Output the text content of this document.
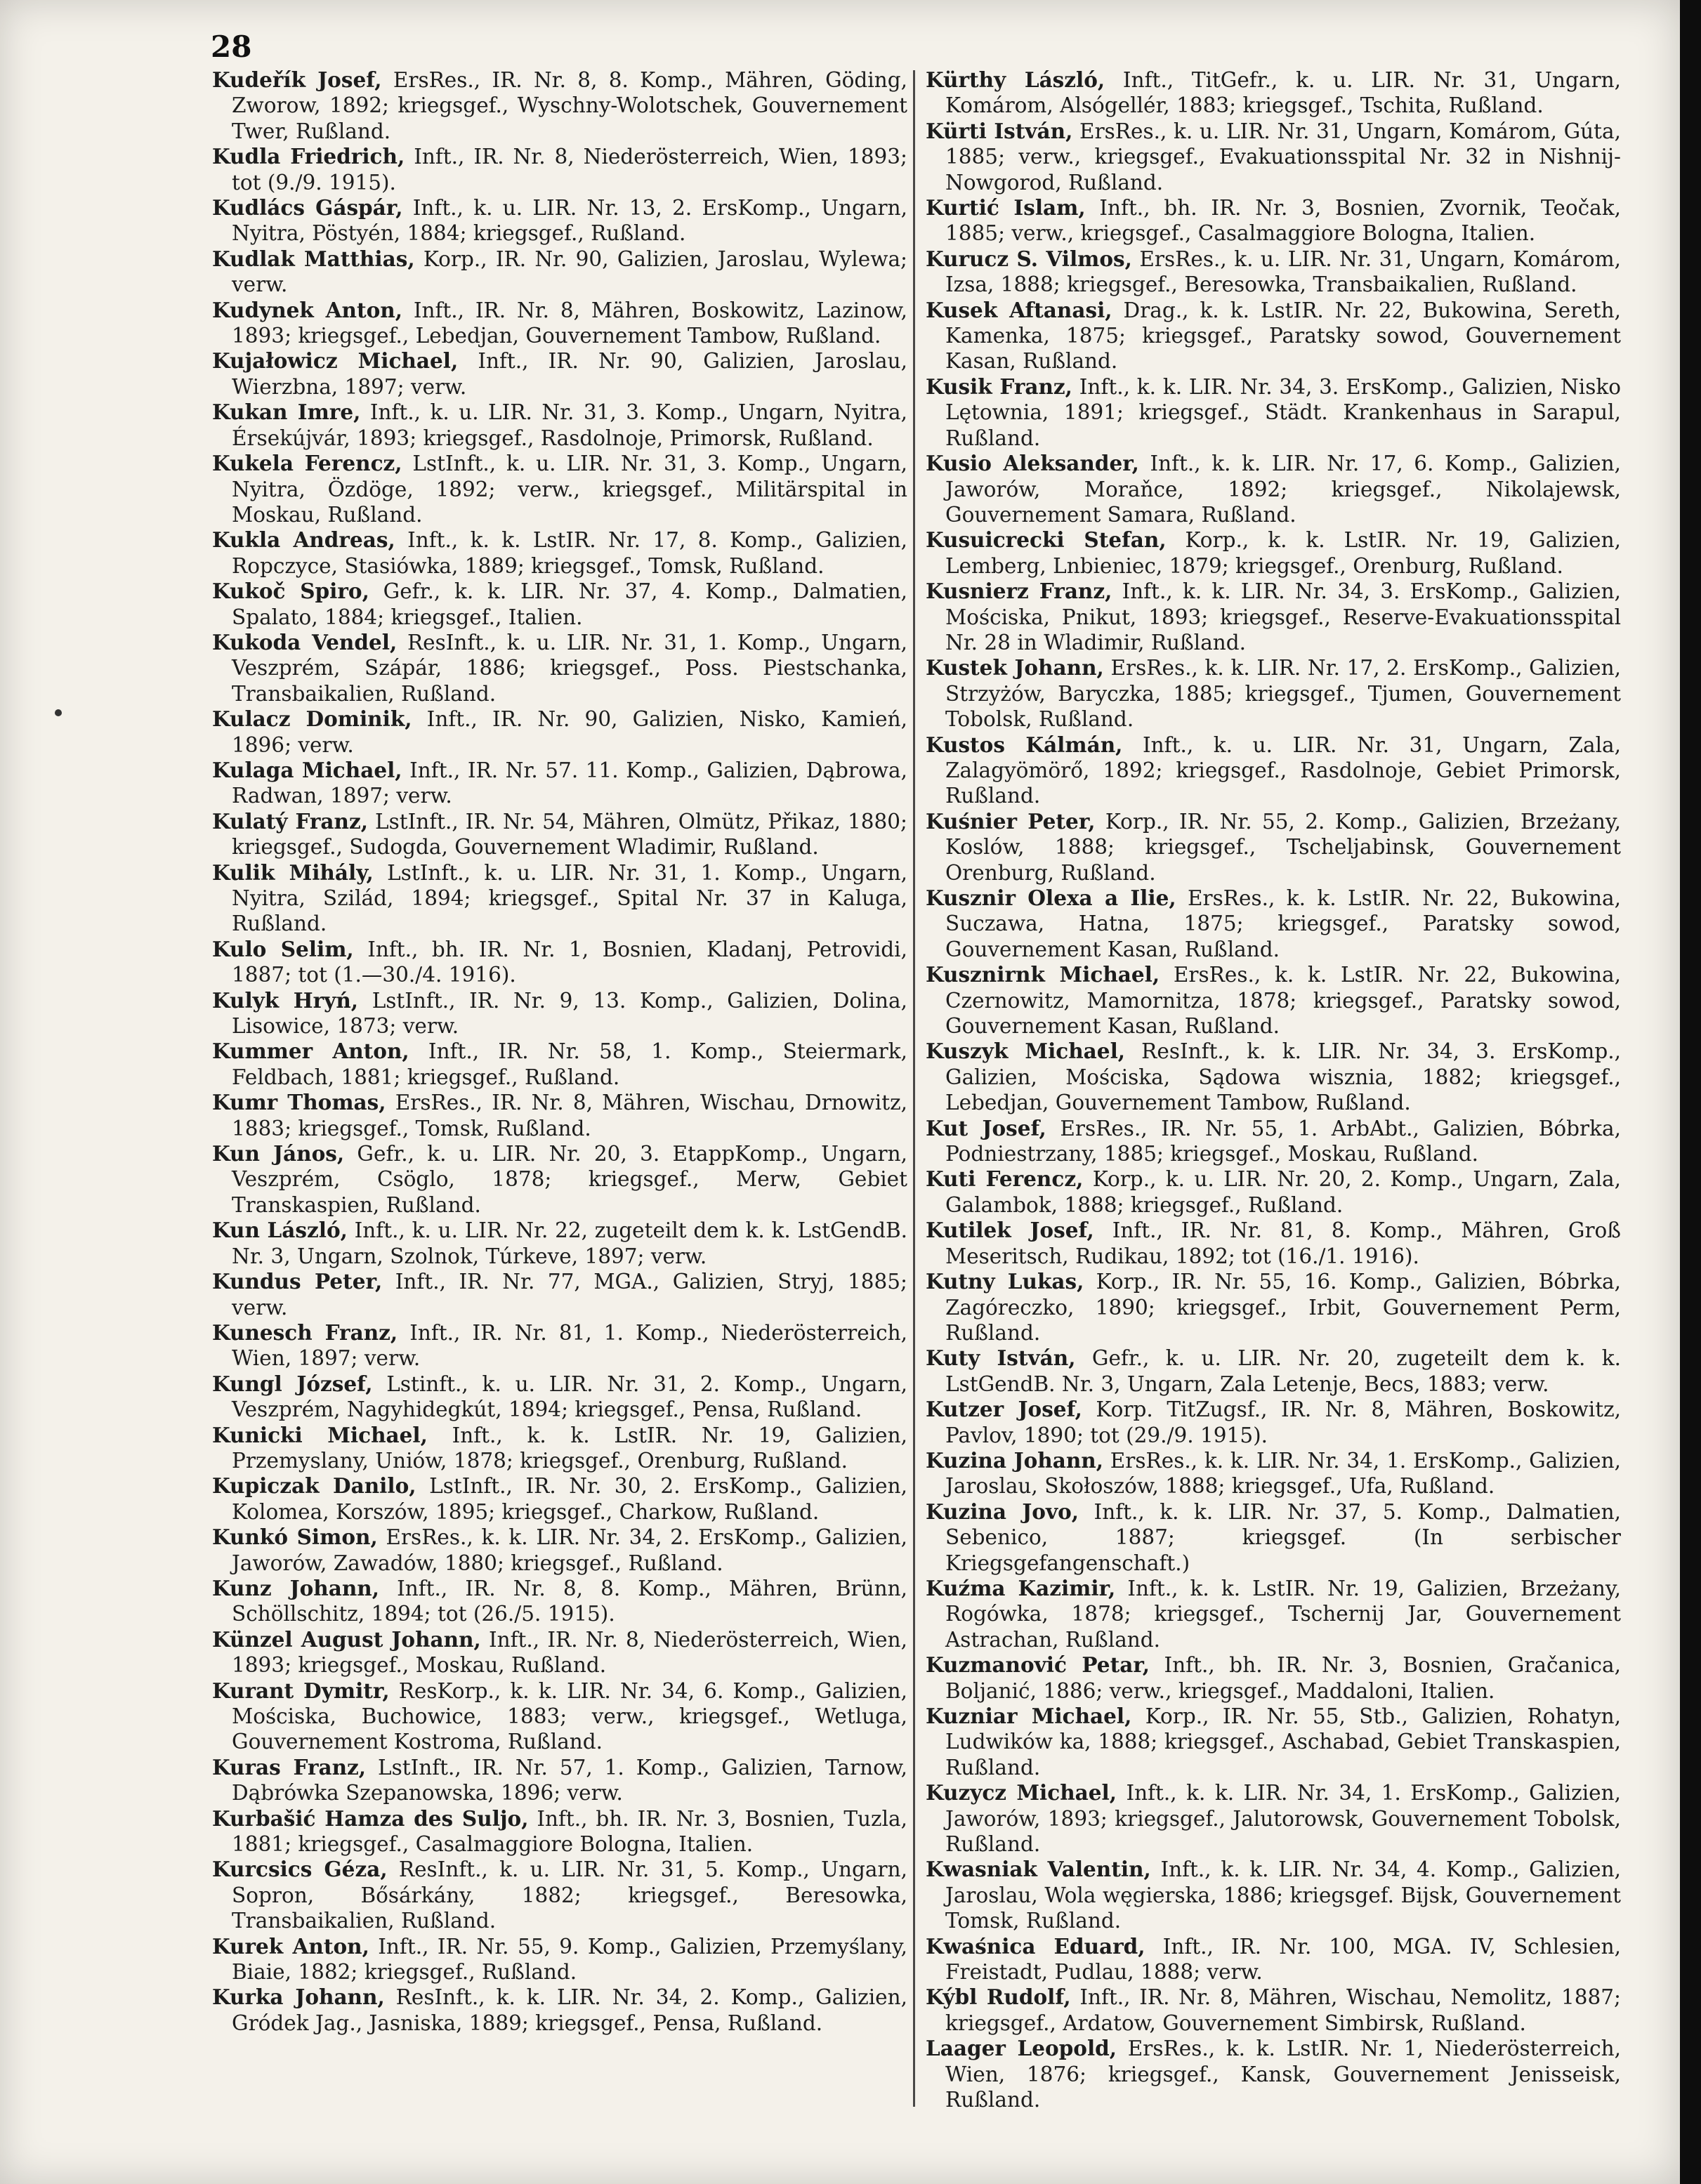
28
Kudeřík Josef, ErsRes., IR. Nr. 8, 8. Komp., Mähren, Göding, Zworow, 1892; kriegsgef., Wyschny-Wolotschek, Gouvernement Twer, Rußland.
Kudla Friedrich, Inft., IR. Nr. 8, Niederösterreich, Wien, 1893; tot (9./9. 1915).
Kudlács Gáspár, Inft., k. u. LIR. Nr. 13, 2. ErsKomp., Ungarn, Nyitra, Pöstyén, 1884; kriegsgef., Rußland.
Kudlak Matthias, Korp., IR. Nr. 90, Galizien, Jaroslau, Wylewa; verw.
Kudynek Anton, Inft., IR. Nr. 8, Mähren, Boskowitz, Lazinow, 1893; kriegsgef., Lebedjan, Gouvernement Tambow, Rußland.
Kujałowicz Michael, Inft., IR. Nr. 90, Galizien, Jaroslau, Wierzbna, 1897; verw.
Kukan Imre, Inft., k. u. LIR. Nr. 31, 3. Komp., Ungarn, Nyitra, Érsekújvár, 1893; kriegsgef., Rasdolnoje, Primorsk, Rußland.
Kukela Ferencz, LstInft., k. u. LIR. Nr. 31, 3. Komp., Ungarn, Nyitra, Özdöge, 1892; verw., kriegsgef., Militärspital in Moskau, Rußland.
Kukla Andreas, Inft., k. k. LstIR. Nr. 17, 8. Komp., Galizien, Ropczyce, Stasiówka, 1889; kriegsgef., Tomsk, Rußland.
Kukoč Spiro, Gefr., k. k. LIR. Nr. 37, 4. Komp., Dalmatien, Spalato, 1884; kriegsgef., Italien.
Kukoda Vendel, ResInft., k. u. LIR. Nr. 31, 1. Komp., Ungarn, Veszprém, Szápár, 1886; kriegsgef., Poss. Piestschanka, Transbaikalien, Rußland.
Kulacz Dominik, Inft., IR. Nr. 90, Galizien, Nisko, Kamień, 1896; verw.
Kulaga Michael, Inft., IR. Nr. 57. 11. Komp., Galizien, Dąbrowa, Radwan, 1897; verw.
Kulatý Franz, LstInft., IR. Nr. 54, Mähren, Olmütz, Přikaz, 1880; kriegsgef., Sudogda, Gouvernement Wladimir, Rußland.
Kulik Mihály, LstInft., k. u. LIR. Nr. 31, 1. Komp., Ungarn, Nyitra, Szilád, 1894; kriegsgef., Spital Nr. 37 in Kaluga, Rußland.
Kulo Selim, Inft., bh. IR. Nr. 1, Bosnien, Kladanj, Petrovidi, 1887; tot (1.—30./4. 1916).
Kulyk Hryń, LstInft., IR. Nr. 9, 13. Komp., Galizien, Dolina, Lisowice, 1873; verw.
Kummer Anton, Inft., IR. Nr. 58, 1. Komp., Steiermark, Feldbach, 1881; kriegsgef., Rußland.
Kumr Thomas, ErsRes., IR. Nr. 8, Mähren, Wischau, Drnowitz, 1883; kriegsgef., Tomsk, Rußland.
Kun János, Gefr., k. u. LIR. Nr. 20, 3. EtappKomp., Ungarn, Veszprém, Csöglo, 1878; kriegsgef., Merw, Gebiet Transkaspien, Rußland.
Kun László, Inft., k. u. LIR. Nr. 22, zugeteilt dem k. k. LstGendB. Nr. 3, Ungarn, Szolnok, Túrkeve, 1897; verw.
Kundus Peter, Inft., IR. Nr. 77, MGA., Galizien, Stryj, 1885; verw.
Kunesch Franz, Inft., IR. Nr. 81, 1. Komp., Niederösterreich, Wien, 1897; verw.
Kungl József, Lstinft., k. u. LIR. Nr. 31, 2. Komp., Ungarn, Veszprém, Nagyhidegkút, 1894; kriegsgef., Pensa, Rußland.
Kunicki Michael, Inft., k. k. LstIR. Nr. 19, Galizien, Przemyslany, Uniów, 1878; kriegsgef., Orenburg, Rußland.
Kupiczak Danilo, LstInft., IR. Nr. 30, 2. ErsKomp., Galizien, Kolomea, Korszów, 1895; kriegsgef., Charkow, Rußland.
Kunkó Simon, ErsRes., k. k. LIR. Nr. 34, 2. ErsKomp., Galizien, Jaworów, Zawadów, 1880; kriegsgef., Rußland.
Kunz Johann, Inft., IR. Nr. 8, 8. Komp., Mähren, Brünn, Schöllschitz, 1894; tot (26./5. 1915).
Künzel August Johann, Inft., IR. Nr. 8, Niederösterreich, Wien, 1893; kriegsgef., Moskau, Rußland.
Kurant Dymitr, ResKorp., k. k. LIR. Nr. 34, 6. Komp., Galizien, Mościska, Buchowice, 1883; verw., kriegsgef., Wetluga, Gouvernement Kostroma, Rußland.
Kuras Franz, LstInft., IR. Nr. 57, 1. Komp., Galizien, Tarnow, Dąbrówka Szepanowska, 1896; verw.
Kurbašić Hamza des Suljo, Inft., bh. IR. Nr. 3, Bosnien, Tuzla, 1881; kriegsgef., Casalmaggiore Bologna, Italien.
Kurcsics Géza, ResInft., k. u. LIR. Nr. 31, 5. Komp., Ungarn, Sopron, Bősárkány, 1882; kriegsgef., Beresowka, Transbaikalien, Rußland.
Kurek Anton, Inft., IR. Nr. 55, 9. Komp., Galizien, Przemyślany, Biaie, 1882; kriegsgef., Rußland.
Kurka Johann, ResInft., k. k. LIR. Nr. 34, 2. Komp., Galizien, Gródek Jag., Jasniska, 1889; kriegsgef., Pensa, Rußland.
Kürthy László, Inft., TitGefr., k. u. LIR. Nr. 31, Ungarn, Komárom, Alsógellér, 1883; kriegsgef., Tschita, Rußland.
Kürti István, ErsRes., k. u. LIR. Nr. 31, Ungarn, Komárom, Gúta, 1885; verw., kriegsgef., Evakuationsspital Nr. 32 in Nishnij-Nowgorod, Rußland.
Kurtić Islam, Inft., bh. IR. Nr. 3, Bosnien, Zvornik, Teočak, 1885; verw., kriegsgef., Casalmaggiore Bologna, Italien.
Kurucz S. Vilmos, ErsRes., k. u. LIR. Nr. 31, Ungarn, Komárom, Izsa, 1888; kriegsgef., Beresowka, Transbaikalien, Rußland.
Kusek Aftanasi, Drag., k. k. LstIR. Nr. 22, Bukowina, Sereth, Kamenka, 1875; kriegsgef., Paratsky sowod, Gouvernement Kasan, Rußland.
Kusik Franz, Inft., k. k. LIR. Nr. 34, 3. ErsKomp., Galizien, Nisko Lętownia, 1891; kriegsgef., Städt. Krankenhaus in Sarapul, Rußland.
Kusio Aleksander, Inft., k. k. LIR. Nr. 17, 6. Komp., Galizien, Jaworów, Moraňce, 1892; kriegsgef., Nikolajewsk, Gouvernement Samara, Rußland.
Kusuicrecki Stefan, Korp., k. k. LstIR. Nr. 19, Galizien, Lemberg, Lnbieniec, 1879; kriegsgef., Orenburg, Rußland.
Kusnierz Franz, Inft., k. k. LIR. Nr. 34, 3. ErsKomp., Galizien, Mościska, Pnikut, 1893; kriegsgef., Reserve-Evakuationsspital Nr. 28 in Wladimir, Rußland.
Kustek Johann, ErsRes., k. k. LIR. Nr. 17, 2. ErsKomp., Galizien, Strzyżów, Baryczka, 1885; kriegsgef., Tjumen, Gouvernement Tobolsk, Rußland.
Kustos Kálmán, Inft., k. u. LIR. Nr. 31, Ungarn, Zala, Zalagyömörő, 1892; kriegsgef., Rasdolnoje, Gebiet Primorsk, Rußland.
Kuśnier Peter, Korp., IR. Nr. 55, 2. Komp., Galizien, Brzeżany, Koslów, 1888; kriegsgef., Tscheljabinsk, Gouvernement Orenburg, Rußland.
Kusznir Olexa a Ilie, ErsRes., k. k. LstIR. Nr. 22, Bukowina, Suczawa, Hatna, 1875; kriegsgef., Paratsky sowod, Gouvernement Kasan, Rußland.
Kusznirnk Michael, ErsRes., k. k. LstIR. Nr. 22, Bukowina, Czernowitz, Mamornitza, 1878; kriegsgef., Paratsky sowod, Gouvernement Kasan, Rußland.
Kuszyk Michael, ResInft., k. k. LIR. Nr. 34, 3. ErsKomp., Galizien, Mościska, Sądowa wisznia, 1882; kriegsgef., Lebedjan, Gouvernement Tambow, Rußland.
Kut Josef, ErsRes., IR. Nr. 55, 1. ArbAbt., Galizien, Bóbrka, Podniestrzany, 1885; kriegsgef., Moskau, Rußland.
Kuti Ferencz, Korp., k. u. LIR. Nr. 20, 2. Komp., Ungarn, Zala, Galambok, 1888; kriegsgef., Rußland.
Kutilek Josef, Inft., IR. Nr. 81, 8. Komp., Mähren, Groß Meseritsch, Rudikau, 1892; tot (16./1. 1916).
Kutny Lukas, Korp., IR. Nr. 55, 16. Komp., Galizien, Bóbrka, Zagóreczko, 1890; kriegsgef., Irbit, Gouvernement Perm, Rußland.
Kuty István, Gefr., k. u. LIR. Nr. 20, zugeteilt dem k. k. LstGendB. Nr. 3, Ungarn, Zala Letenje, Becs, 1883; verw.
Kutzer Josef, Korp. TitZugsf., IR. Nr. 8, Mähren, Boskowitz, Pavlov, 1890; tot (29./9. 1915).
Kuzina Johann, ErsRes., k. k. LIR. Nr. 34, 1. ErsKomp., Galizien, Jaroslau, Skołoszów, 1888; kriegsgef., Ufa, Rußland.
Kuzina Jovo, Inft., k. k. LIR. Nr. 37, 5. Komp., Dalmatien, Sebenico, 1887; kriegsgef. (In serbischer Kriegsgefangenschaft.)
Kuźma Kazimir, Inft., k. k. LstIR. Nr. 19, Galizien, Brzeżany, Rogówka, 1878; kriegsgef., Tschernij Jar, Gouvernement Astrachan, Rußland.
Kuzmanović Petar, Inft., bh. IR. Nr. 3, Bosnien, Gračanica, Boljanić, 1886; verw., kriegsgef., Maddaloni, Italien.
Kuzniar Michael, Korp., IR. Nr. 55, Stb., Galizien, Rohatyn, Ludwików ka, 1888; kriegsgef., Aschabad, Gebiet Transkaspien, Rußland.
Kuzycz Michael, Inft., k. k. LIR. Nr. 34, 1. ErsKomp., Galizien, Jaworów, 1893; kriegsgef., Jalutorowsk, Gouvernement Tobolsk, Rußland.
Kwasniak Valentin, Inft., k. k. LIR. Nr. 34, 4. Komp., Galizien, Jaroslau, Wola węgierska, 1886; kriegsgef. Bijsk, Gouvernement Tomsk, Rußland.
Kwaśnica Eduard, Inft., IR. Nr. 100, MGA. IV, Schlesien, Freistadt, Pudlau, 1888; verw.
Kýbl Rudolf, Inft., IR. Nr. 8, Mähren, Wischau, Nemolitz, 1887; kriegsgef., Ardatow, Gouvernement Simbirsk, Rußland.
Laager Leopold, ErsRes., k. k. LstIR. Nr. 1, Niederösterreich, Wien, 1876; kriegsgef., Kansk, Gouvernement Jenisseisk, Rußland.
